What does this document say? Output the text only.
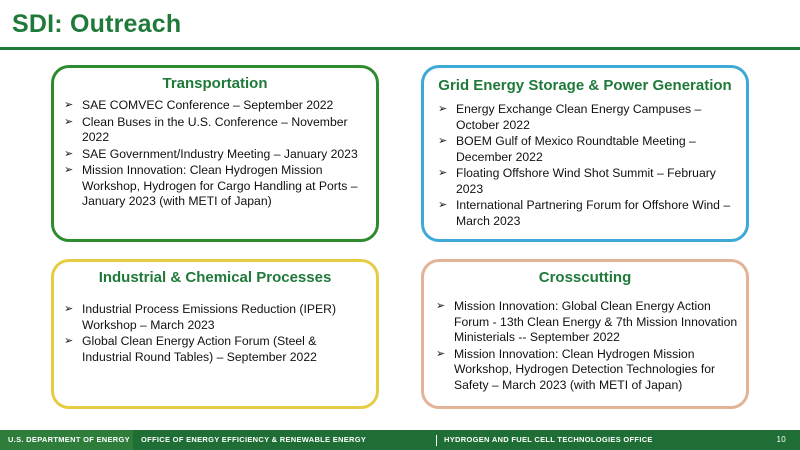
SDI: Outreach
Transportation
➢ SAE COMVEC Conference – September 2022
➢ Clean Buses in the U.S. Conference – November 2022
➢ SAE Government/Industry Meeting – January 2023
➢ Mission Innovation: Clean Hydrogen Mission Workshop, Hydrogen for Cargo Handling at Ports – January 2023 (with METI of Japan)
Grid Energy Storage & Power Generation
➢ Energy Exchange Clean Energy Campuses – October 2022
➢ BOEM Gulf of Mexico Roundtable Meeting – December 2022
➢ Floating Offshore Wind Shot Summit – February 2023
➢ International Partnering Forum for Offshore Wind – March 2023
Industrial & Chemical Processes
➢ Industrial Process Emissions Reduction (IPER) Workshop – March 2023
➢ Global Clean Energy Action Forum (Steel & Industrial Round Tables) – September 2022
Crosscutting
➢ Mission Innovation: Global Clean Energy Action Forum - 13th Clean Energy & 7th Mission Innovation Ministerials -- September 2022
➢ Mission Innovation: Clean Hydrogen Mission Workshop, Hydrogen Detection Technologies for Safety – March 2023 (with METI of Japan)
U.S. DEPARTMENT OF ENERGY	OFFICE OF ENERGY EFFICIENCY & RENEWABLE ENERGY	HYDROGEN AND FUEL CELL TECHNOLOGIES OFFICE	10
